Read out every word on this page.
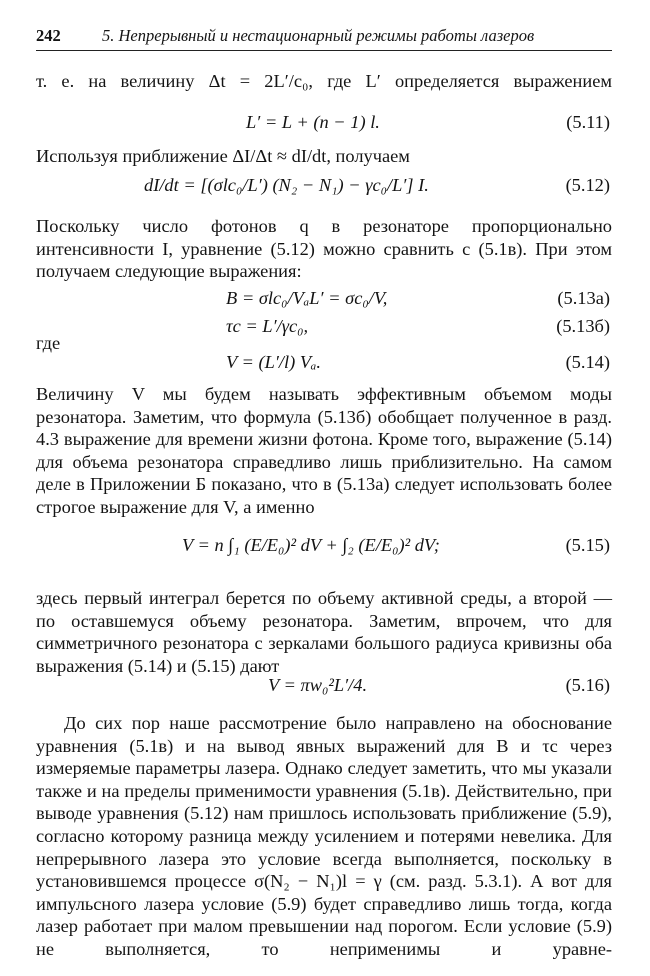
242	5. Непрерывный и нестационарный режимы работы лазеров
т. е. на величину Δt = 2L′/c₀, где L′ определяется выражением
L′ = L + (n − 1) l.	(5.11)
Используя приближение ΔI/Δt ≈ dI/dt, получаем
dI/dt = [(σlc₀/L′) (N₂ − N₁) − γc₀/L′] I.	(5.12)
Поскольку число фотонов q в резонаторе пропорционально интенсивности I, уравнение (5.12) можно сравнить с (5.1в). При этом получаем следующие выражения:
B = σlc₀/VₐL′ = σc₀/V,	(5.13а)
τc = L′/γc₀,	(5.13б)
где
V = (L′/l) Vₐ.	(5.14)
Величину V мы будем называть эффективным объемом моды резонатора. Заметим, что формула (5.13б) обобщает полученное в разд. 4.3 выражение для времени жизни фотона. Кроме того, выражение (5.14) для объема резонатора справедливо лишь приблизительно. На самом деле в Приложении Б показано, что в (5.13а) следует использовать более строгое выражение для V, а именно
V = n ∫₁ (E/E₀)² dV + ∫₂ (E/E₀)² dV;	(5.15)
здесь первый интеграл берется по объему активной среды, а второй — по оставшемуся объему резонатора. Заметим, впрочем, что для симметричного резонатора с зеркалами большого радиуса кривизны оба выражения (5.14) и (5.15) дают
V = πw₀²L′/4.	(5.16)
До сих пор наше рассмотрение было направлено на обоснование уравнения (5.1в) и на вывод явных выражений для B и τc через измеряемые параметры лазера. Однако следует заметить, что мы указали также и на пределы применимости уравнения (5.1в). Действительно, при выводе уравнения (5.12) нам пришлось использовать приближение (5.9), согласно которому разница между усилением и потерями невелика. Для непрерывного лазера это условие всегда выполняется, поскольку в установившемся процессе σ(N₂ − N₁)l = γ (см. разд. 5.3.1). А вот для импульсного лазера условие (5.9) будет справедливо лишь тогда, когда лазер работает при малом превышении над порогом. Если условие (5.9) не выполняется, то неприменимы и уравне-
